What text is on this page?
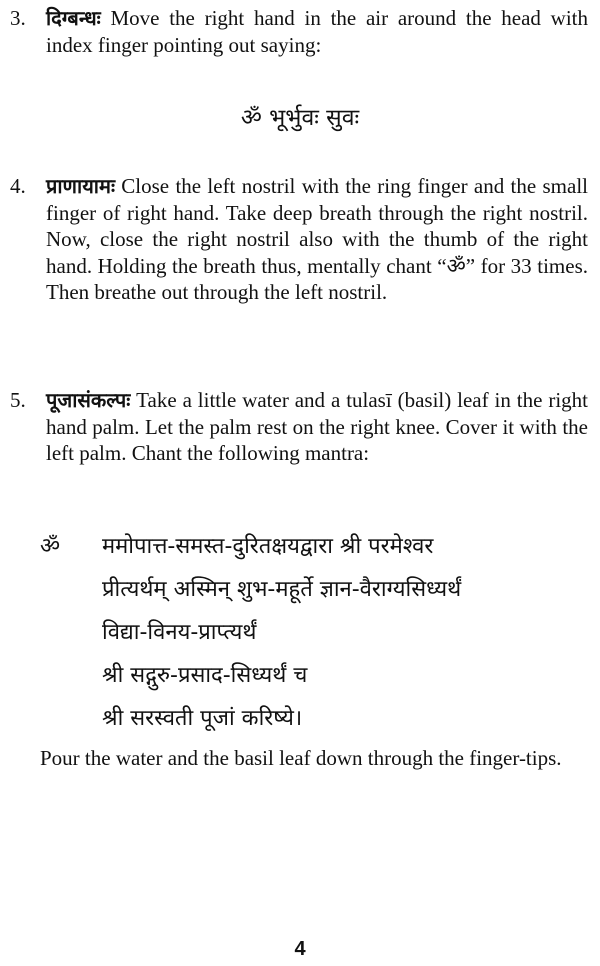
3.	दिग्बन्धः Move the right hand in the air around the head with index finger pointing out saying:
ॐ भूर्भुवः सुवः
4.	प्राणायामः Close the left nostril with the ring finger and the small finger of right hand. Take deep breath through the right nostril. Now, close the right nostril also with the thumb of the right hand. Holding the breath thus, mentally chant “ॐ” for 33 times. Then breathe out through the left nostril.
5.	पूजासंकल्पः Take a little water and a tulasī (basil) leaf in the right hand palm. Let the palm rest on the right knee. Cover it with the left palm. Chant the following mantra:
ॐ ममोपात्त-समस्त-दुरितक्षयद्वारा श्री परमेश्वर
प्रीत्यर्थम् अस्मिन् शुभ-महूर्ते ज्ञान-वैराग्यसिध्यर्थं
विद्या-विनय-प्राप्त्यर्थं
श्री सद्गुरु-प्रसाद-सिध्यर्थं च
श्री सरस्वती पूजां करिष्ये।
Pour the water and the basil leaf down through the finger-tips.
4
